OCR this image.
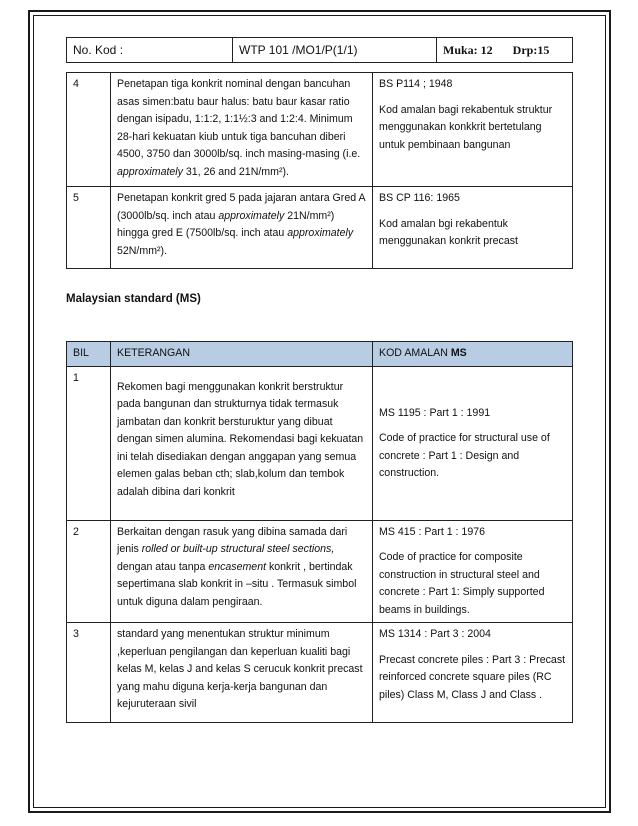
No. Kod :	WTP 101 /MO1/P(1/1)	Muka: 12 Drp:15
4	Penetapan tiga konkrit nominal dengan bancuhan asas simen:batu baur halus: batu baur kasar ratio dengan isipadu, 1:1:2, 1:1½:3 and 1:2:4. Minimum 28-hari kekuatan kiub untuk tiga bancuhan diberi 4500, 3750 dan 3000lb/sq. inch masing-masing (i.e. approximately 31, 26 and 21N/mm²).	BS P114 ; 1948

Kod amalan bagi rekabentuk struktur menggunakan konkkrit bertetulang untuk pembinaan bangunan

5	Penetapan konkrit gred 5 pada jajaran antara Gred A (3000lb/sq. inch atau approximately 21N/mm²) hingga gred E (7500lb/sq. inch atau approximately 52N/mm²).	BS CP 116: 1965

Kod amalan bgi rekabentuk menggunakan konkrit precast

Malaysian standard (MS)
BIL	KETERANGAN	KOD AMALAN MS
1	Rekomen bagi menggunakan konkrit berstruktur pada bangunan dan strukturnya tidak termasuk jambatan dan konkrit bersturuktur yang dibuat dengan simen alumina. Rekomendasi bagi kekuatan ini telah disediakan dengan anggapan yang semua elemen galas beban cth; slab,kolum dan tembok adalah dibina dari konkrit	MS 1195 : Part 1 : 1991

Code of practice for structural use of concrete : Part 1 : Design and construction.

2	Berkaitan dengan rasuk yang dibina samada dari jenis rolled or built-up structural steel sections, dengan atau tanpa encasement konkrit , bertindak sepertimana slab konkrit in –situ . Termasuk simbol untuk diguna dalam pengiraan.	MS 415 : Part 1 : 1976

Code of practice for composite construction in structural steel and concrete : Part 1: Simply supported beams in buildings.

3	standard yang menentukan struktur minimum ,keperluan pengilangan dan keperluan kualiti bagi kelas M, kelas J and kelas S cerucuk konkrit precast yang mahu diguna kerja-kerja bangunan dan kejuruteraan sivil	MS 1314 : Part 3 : 2004

Precast concrete piles : Part 3 : Precast reinforced concrete square piles (RC piles) Class M, Class J and Class .
